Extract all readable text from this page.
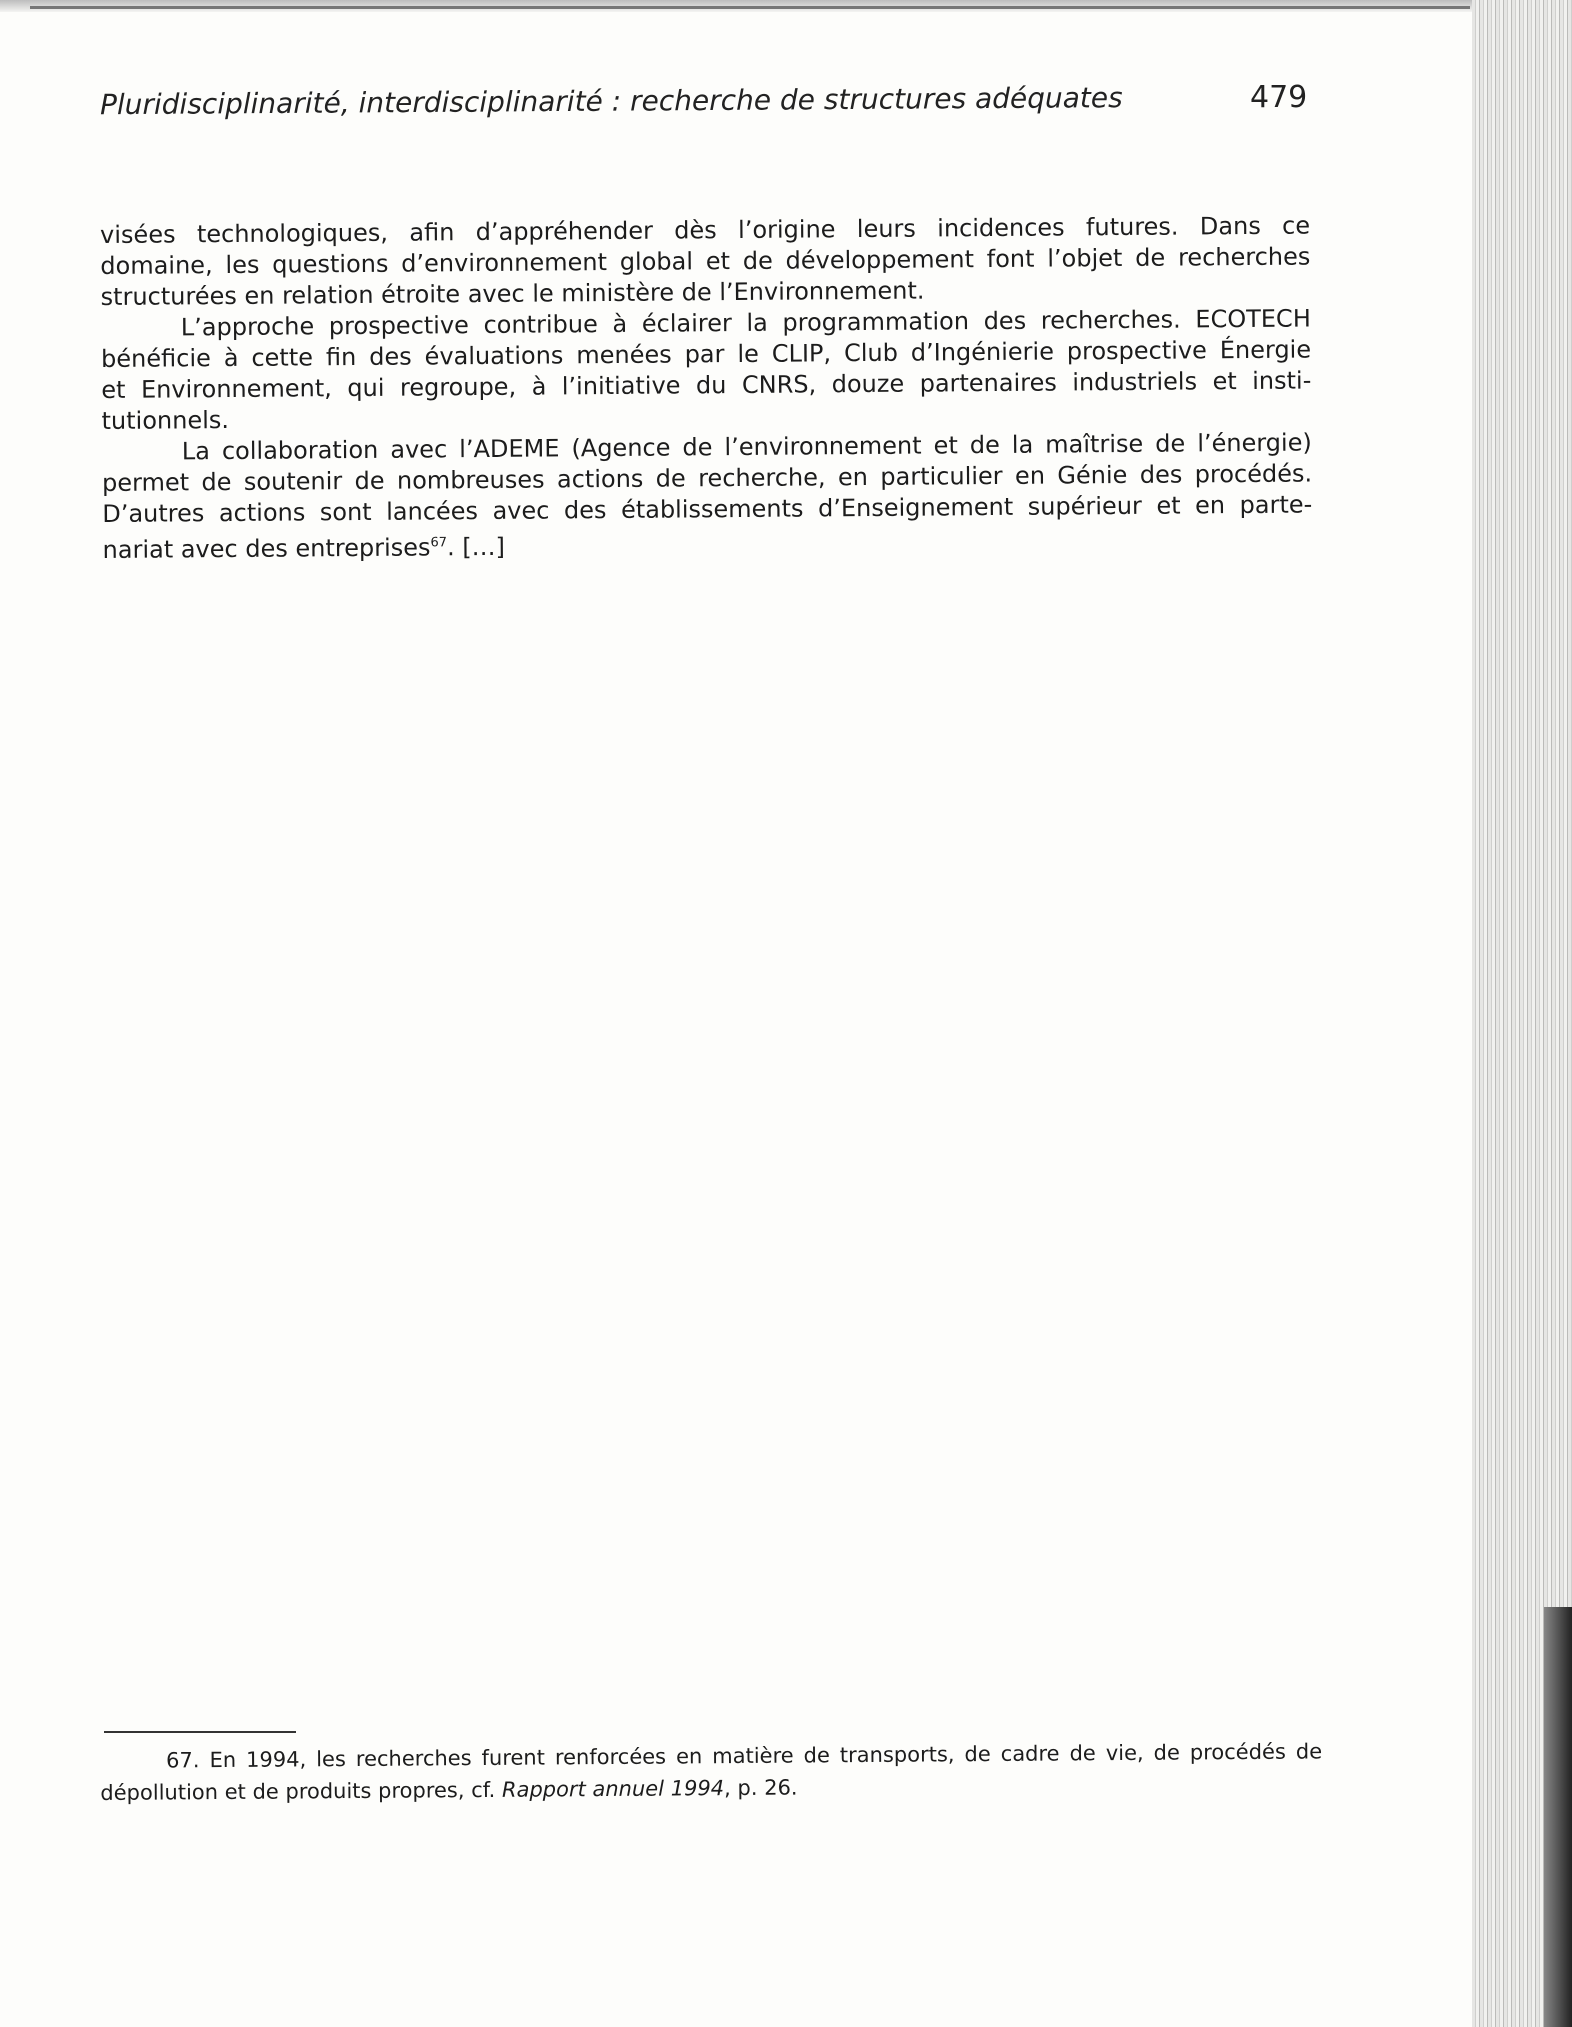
Pluridisciplinarité, interdisciplinarité : recherche de structures adéquates	479
visées technologiques, afin d’appréhender dès l’origine leurs incidences futures. Dans ce
domaine, les questions d’environnement global et de développement font l’objet de recherches
structurées en relation étroite avec le ministère de l’Environnement.
L’approche prospective contribue à éclairer la programmation des recherches. ECOTECH
bénéficie à cette fin des évaluations menées par le CLIP, Club d’Ingénierie prospective Énergie
et Environnement, qui regroupe, à l’initiative du CNRS, douze partenaires industriels et insti-
tutionnels.
La collaboration avec l’ADEME (Agence de l’environnement et de la maîtrise de l’énergie)
permet de soutenir de nombreuses actions de recherche, en particulier en Génie des procédés.
D’autres actions sont lancées avec des établissements d’Enseignement supérieur et en parte-
nariat avec des entreprises$^{67}$. […]
67. En 1994, les recherches furent renforcées en matière de transports, de cadre de vie, de procédés de
dépollution et de produits propres, cf. Rapport annuel 1994, p. 26.
